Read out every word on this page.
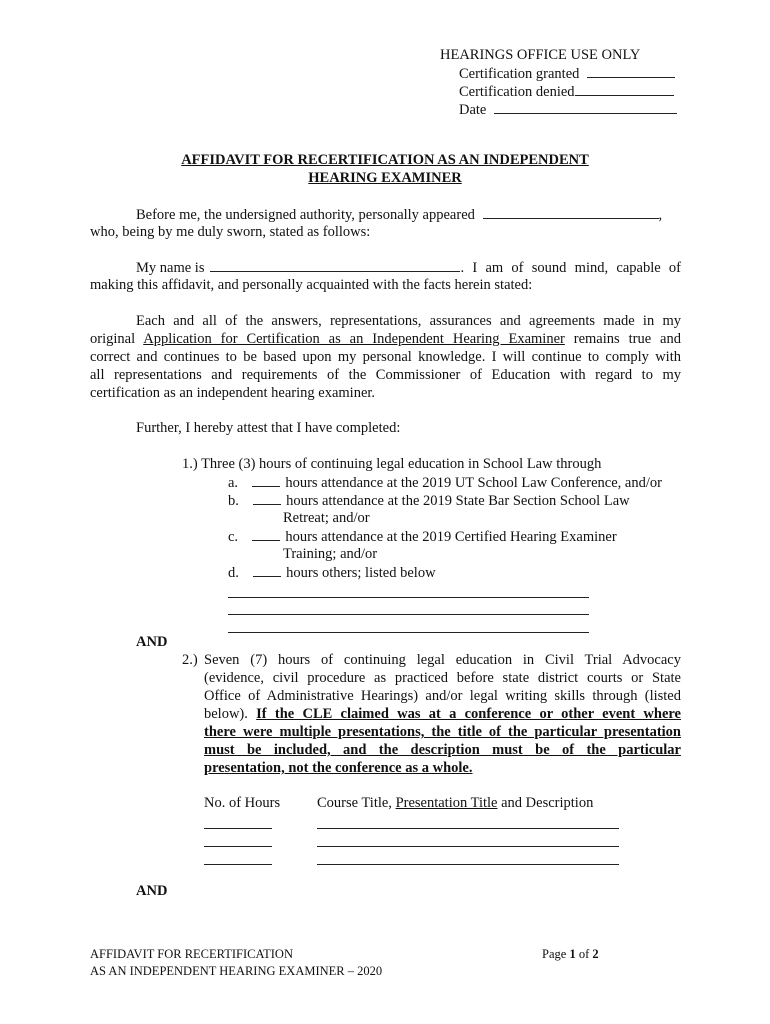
HEARINGS OFFICE USE ONLY
Certification granted
Certification denied
Date
AFFIDAVIT FOR RECERTIFICATION AS AN INDEPENDENT
HEARING EXAMINER
Before me, the undersigned authority, personally appeared	,
who, being by me duly sworn, stated as follows:
My name is	. I am of sound mind, capable of
making this affidavit, and personally acquainted with the facts herein stated:
Each and all of the answers, representations, assurances and agreements made in my
original Application for Certification as an Independent Hearing Examiner remains true and
correct and continues to be based upon my personal knowledge. I will continue to comply with
all representations and requirements of the Commissioner of Education with regard to my
certification as an independent hearing examiner.
Further, I hereby attest that I have completed:
1.) Three (3) hours of continuing legal education in School Law through
a.	hours attendance at the 2019 UT School Law Conference, and/or
b.	hours attendance at the 2019 State Bar Section School Law
Retreat; and/or
c.	hours attendance at the 2019 Certified Hearing Examiner
Training; and/or
d.	hours others; listed below
AND
2.) Seven (7) hours of continuing legal education in Civil Trial Advocacy
(evidence, civil procedure as practiced before state district courts or State
Office of Administrative Hearings) and/or legal writing skills through (listed
below). If the CLE claimed was at a conference or other event where
there were multiple presentations, the title of the particular presentation
must be included, and the description must be of the particular
presentation, not the conference as a whole.
No. of Hours	Course Title, Presentation Title and Description
AND
AFFIDAVIT FOR RECERTIFICATION
AS AN INDEPENDENT HEARING EXAMINER – 2020
Page 1 of 2
